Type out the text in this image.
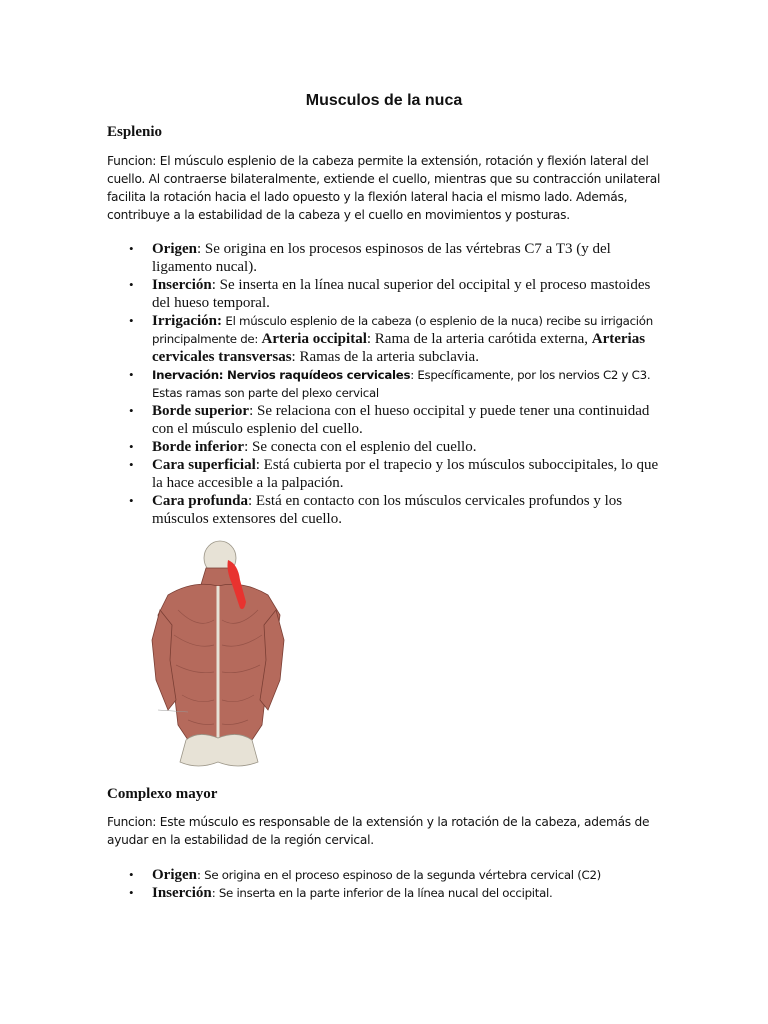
Musculos de la nuca
Esplenio
Funcion: El músculo esplenio de la cabeza permite la extensión, rotación y flexión lateral del cuello. Al contraerse bilateralmente, extiende el cuello, mientras que su contracción unilateral facilita la rotación hacia el lado opuesto y la flexión lateral hacia el mismo lado. Además, contribuye a la estabilidad de la cabeza y el cuello en movimientos y posturas.
• Origen: Se origina en los procesos espinosos de las vértebras C7 a T3 (y del ligamento nucal).
• Inserción: Se inserta en la línea nucal superior del occipital y el proceso mastoides del hueso temporal.
• Irrigación: El músculo esplenio de la cabeza (o esplenio de la nuca) recibe su irrigación principalmente de: Arteria occipital: Rama de la arteria carótida externa, Arterias cervicales transversas: Ramas de la arteria subclavia.
• Inervación: Nervios raquídeos cervicales: Específicamente, por los nervios C2 y C3. Estas ramas son parte del plexo cervical
• Borde superior: Se relaciona con el hueso occipital y puede tener una continuidad con el músculo esplenio del cuello.
• Borde inferior: Se conecta con el esplenio del cuello.
• Cara superficial: Está cubierta por el trapecio y los músculos suboccipitales, lo que la hace accesible a la palpación.
• Cara profunda: Está en contacto con los músculos cervicales profundos y los músculos extensores del cuello.
Complexo mayor
Funcion: Este músculo es responsable de la extensión y la rotación de la cabeza, además de ayudar en la estabilidad de la región cervical.
• Origen: Se origina en el proceso espinoso de la segunda vértebra cervical (C2)
• Inserción: Se inserta en la parte inferior de la línea nucal del occipital.
